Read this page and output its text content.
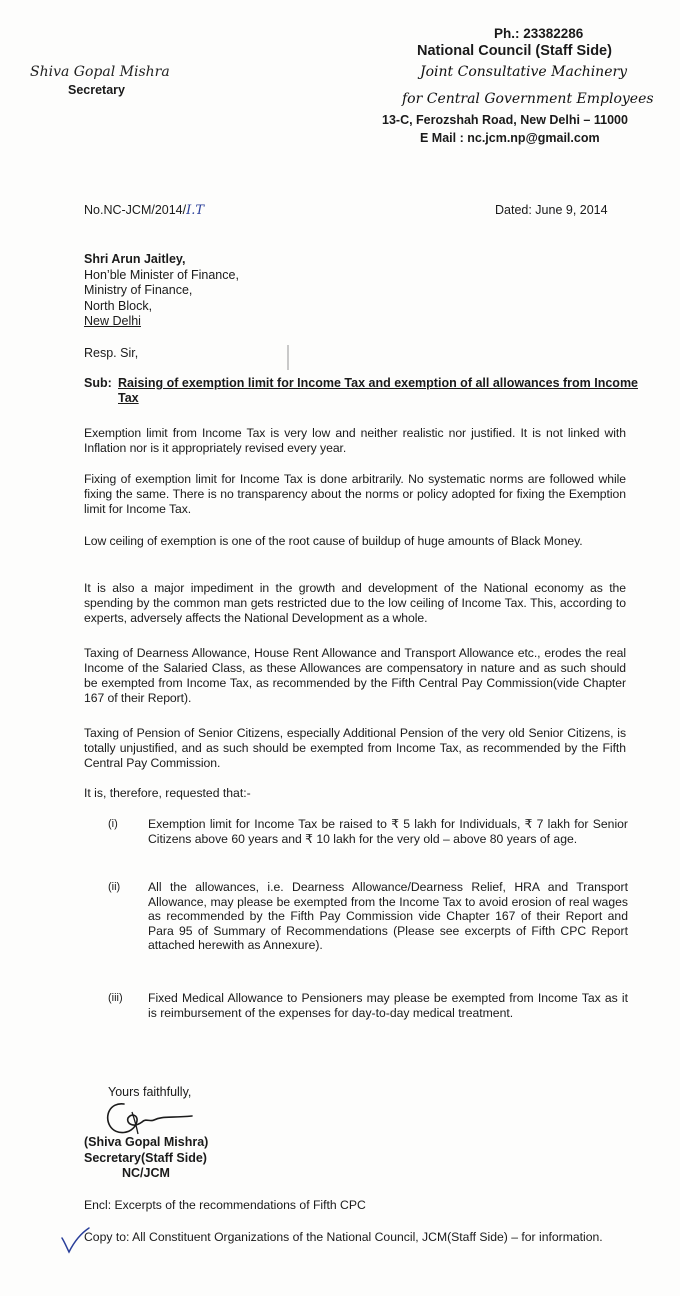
Shiva Gopal Mishra
Secretary
Ph.: 23382286
National Council (Staff Side)
Joint Consultative Machinery
for Central Government Employees
13-C, Ferozshah Road, New Delhi – 11000
E Mail : nc.jcm.np@gmail.com
No.NC-JCM/2014/I.T	Dated: June 9, 2014
Shri Arun Jaitley,
Hon’ble Minister of Finance,
Ministry of Finance,
North Block,
New Delhi
Resp. Sir,
Sub: Raising of exemption limit for Income Tax and exemption of all allowances from Income Tax
Exemption limit from Income Tax is very low and neither realistic nor justified. It is not linked with Inflation nor is it appropriately revised every year.
Fixing of exemption limit for Income Tax is done arbitrarily. No systematic norms are followed while fixing the same. There is no transparency about the norms or policy adopted for fixing the Exemption limit for Income Tax.
Low ceiling of exemption is one of the root cause of buildup of huge amounts of Black Money.
It is also a major impediment in the growth and development of the National economy as the spending by the common man gets restricted due to the low ceiling of Income Tax. This, according to experts, adversely affects the National Development as a whole.
Taxing of Dearness Allowance, House Rent Allowance and Transport Allowance etc., erodes the real Income of the Salaried Class, as these Allowances are compensatory in nature and as such should be exempted from Income Tax, as recommended by the Fifth Central Pay Commission(vide Chapter 167 of their Report).
Taxing of Pension of Senior Citizens, especially Additional Pension of the very old Senior Citizens, is totally unjustified, and as such should be exempted from Income Tax, as recommended by the Fifth Central Pay Commission.
It is, therefore, requested that:-
(i) Exemption limit for Income Tax be raised to ₹ 5 lakh for Individuals, ₹ 7 lakh for Senior Citizens above 60 years and ₹ 10 lakh for the very old – above 80 years of age.
(ii) All the allowances, i.e. Dearness Allowance/Dearness Relief, HRA and Transport Allowance, may please be exempted from the Income Tax to avoid erosion of real wages as recommended by the Fifth Pay Commission vide Chapter 167 of their Report and Para 95 of Summary of Recommendations (Please see excerpts of Fifth CPC Report attached herewith as Annexure).
(iii) Fixed Medical Allowance to Pensioners may please be exempted from Income Tax as it is reimbursement of the expenses for day-to-day medical treatment.
Yours faithfully,
(Shiva Gopal Mishra)
Secretary(Staff Side)
NC/JCM
Encl: Excerpts of the recommendations of Fifth CPC
Copy to: All Constituent Organizations of the National Council, JCM(Staff Side) – for information.
